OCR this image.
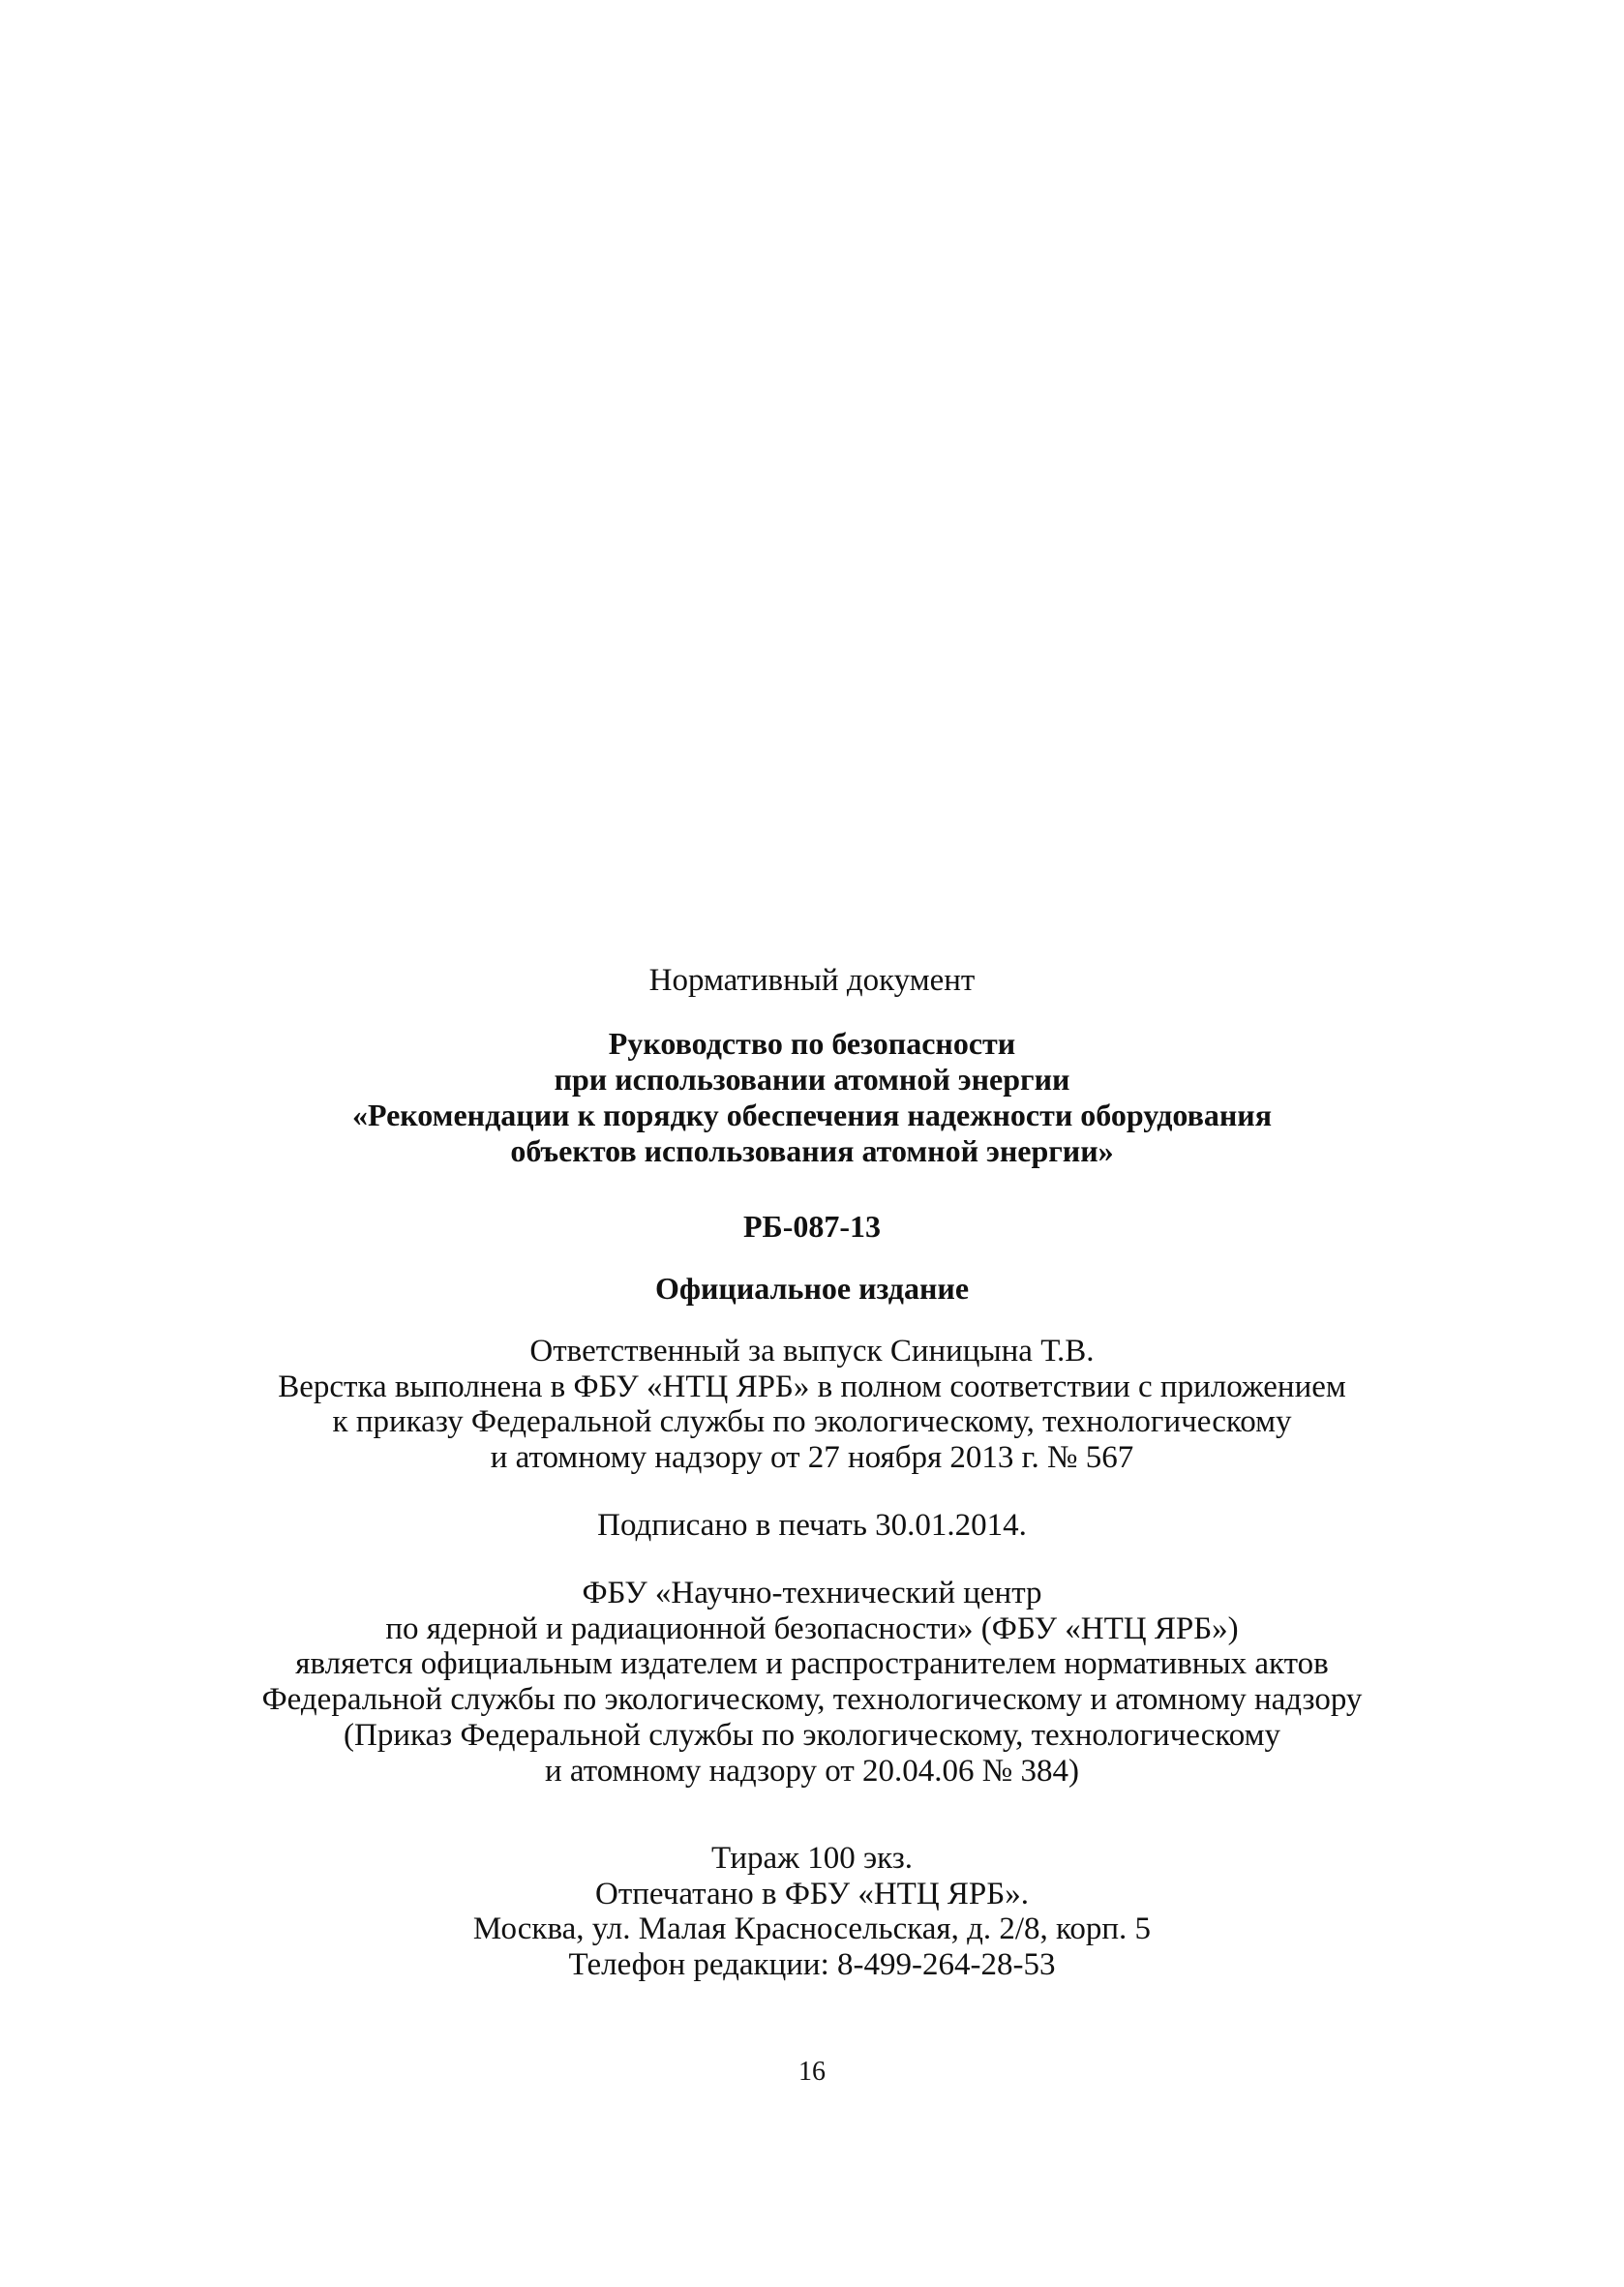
Нормативный документ
Руководство по безопасности
при использовании атомной энергии
«Рекомендации к порядку обеспечения надежности оборудования
объектов использования атомной энергии»
РБ-087-13
Официальное издание
Ответственный за выпуск Синицына Т.В.
Верстка выполнена в ФБУ «НТЦ ЯРБ» в полном соответствии с приложением
к приказу Федеральной службы по экологическому, технологическому
и атомному надзору от 27 ноября 2013 г. № 567
Подписано в печать 30.01.2014.
ФБУ «Научно-технический центр
по ядерной и радиационной безопасности» (ФБУ «НТЦ ЯРБ»)
является официальным издателем и распространителем нормативных актов
Федеральной службы по экологическому, технологическому и атомному надзору
(Приказ Федеральной службы по экологическому, технологическому
и атомному надзору от 20.04.06 № 384)
Тираж 100 экз.
Отпечатано в ФБУ «НТЦ ЯРБ».
Москва, ул. Малая Красносельская, д. 2/8, корп. 5
Телефон редакции: 8-499-264-28-53
16
